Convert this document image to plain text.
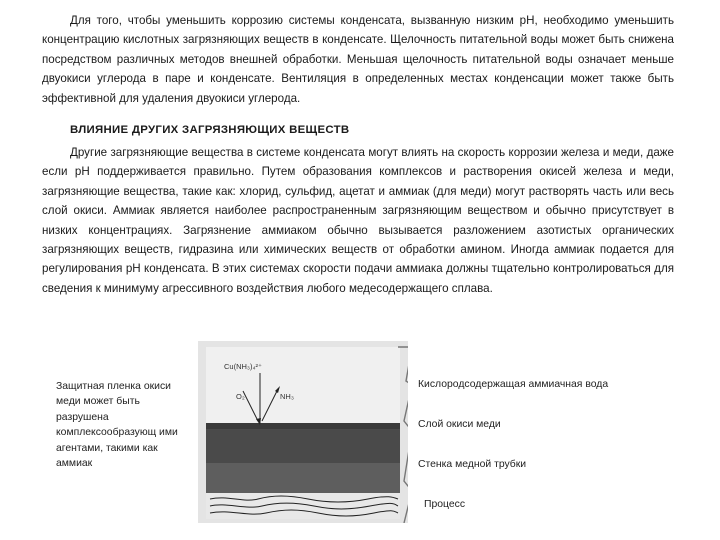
Для того, чтобы уменьшить коррозию системы конденсата, вызванную низким pH, необходимо уменьшить концентрацию кислотных загрязняющих веществ в конденсате. Щелочность питательной воды может быть снижена посредством различных методов внешней обработки. Меньшая щелочность питательной воды означает меньше двуокиси углерода в паре и конденсате. Вентиляция в определенных местах конденсации может также быть эффективной для удаления двуокиси углерода.

ВЛИЯНИЕ ДРУГИХ ЗАГРЯЗНЯЮЩИХ ВЕЩЕСТВ

Другие загрязняющие вещества в системе конденсата могут влиять на скорость коррозии железа и меди, даже если pH поддерживается правильно. Путем образования комплексов и растворения окисей железа и меди, загрязняющие вещества, такие как: хлорид, сульфид, ацетат и аммиак (для меди) могут растворять часть или весь слой окиси. Аммиак является наиболее распространенным загрязняющим веществом и обычно присутствует в низких концентрациях. Загрязнение аммиаком обычно вызывается разложением азотистых органических загрязняющих веществ, гидразина или химических веществ от обработки амином. Иногда аммиак подается для регулирования pH конденсата. В этих системах скорости подачи аммиака должны тщательно контролироваться для сведения к минимуму агрессивного воздействия любого медесодержащего сплава.

Защитная пленка окиси меди может быть разрушена комплексообразующ ими агентами, такими как аммиак

Cu(NH₃)₄²⁺
O₂	NH₃

Кислородсодержащая аммиачная вода

Слой окиси меди

Стенка медной трубки

Процесс
